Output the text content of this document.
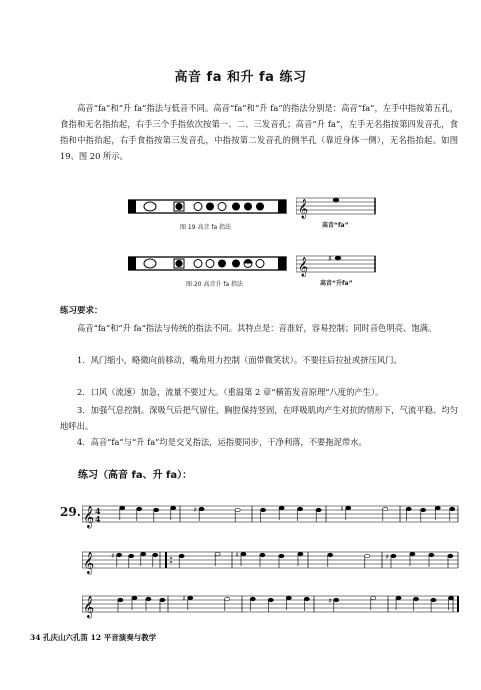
高音 fa 和升 fa 练习
高音“fa”和“升 fa”指法与低音不同。高音“fa”和“升 fa”的指法分别是：高音“fa”，左手中指按第五孔，食指和无名指抬起，右手三个手指依次按第一、二、三发音孔；高音“升 fa”，左手无名指按第四发音孔，食指和中指抬起，右手食指按第三发音孔，中指按第二发音孔的侧半孔（靠近身体一侧），无名指抬起。如图 19、图 20 所示。
图 19 高音 fa 指法
𝄞
高音“fa”
图 20 高音升 fa 指法
𝄞 ♯
高音“升fa”
练习要求：
高音“fa”和“升 fa”指法与传统的指法不同。其特点是：音准好，容易控制；同时音色明亮、饱满。
1．风门缩小，略微向前移动，嘴角用力控制（面带微笑状）。不要往后拉扯或挤压风门。
2．口风（流速）加急，流量不要过大。（重温第 2 章“横笛发音原理”八度的产生）。
3．加强气息控制。深吸气后把气留住，胸腔保持竖固，在呼吸肌肉产生对抗的情形下，气流平稳、均匀地呼出。
4．高音“fa”与“升 fa”均是交叉指法，运指要同步，干净利落，不要拖泥带水。
练习（高音 fa、升 fa）：
29. 𝄞 4
4
♯	♯
𝄞 ♯	♯	♯
𝄞	♯	♯
34 孔庆山六孔笛 12 平音演奏与教学
